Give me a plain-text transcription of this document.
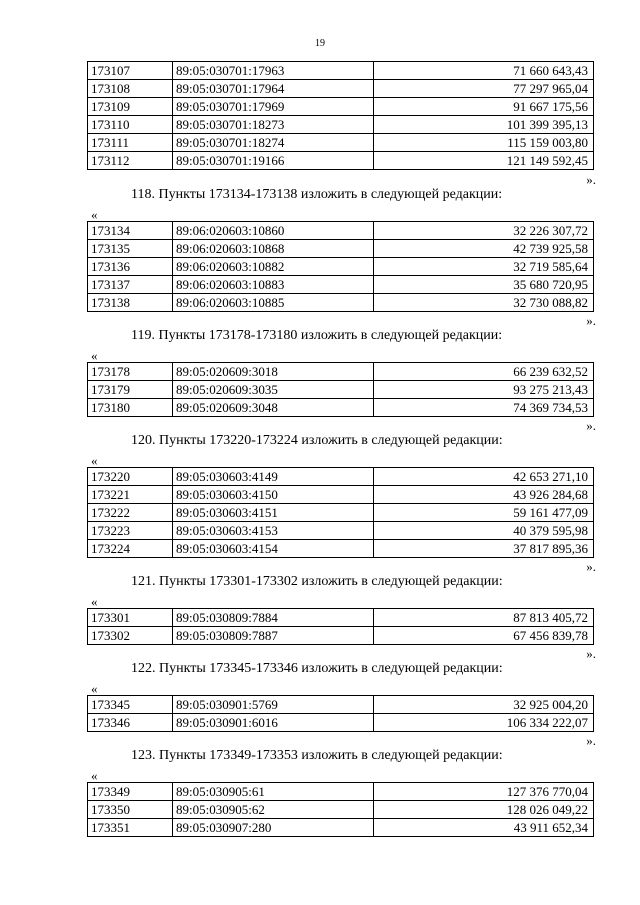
19
173107	89:05:030701:17963	71 660 643,43
173108	89:05:030701:17964	77 297 965,04
173109	89:05:030701:17969	91 667 175,56
173110	89:05:030701:18273	101 399 395,13
173111	89:05:030701:18274	115 159 003,80
173112	89:05:030701:19166	121 149 592,45
».
118. Пункты 173134-173138 изложить в следующей редакции:
«
173134	89:06:020603:10860	32 226 307,72
173135	89:06:020603:10868	42 739 925,58
173136	89:06:020603:10882	32 719 585,64
173137	89:06:020603:10883	35 680 720,95
173138	89:06:020603:10885	32 730 088,82
».
119. Пункты 173178-173180 изложить в следующей редакции:
«
173178	89:05:020609:3018	66 239 632,52
173179	89:05:020609:3035	93 275 213,43
173180	89:05:020609:3048	74 369 734,53
».
120. Пункты 173220-173224 изложить в следующей редакции:
«
173220	89:05:030603:4149	42 653 271,10
173221	89:05:030603:4150	43 926 284,68
173222	89:05:030603:4151	59 161 477,09
173223	89:05:030603:4153	40 379 595,98
173224	89:05:030603:4154	37 817 895,36
».
121. Пункты 173301-173302 изложить в следующей редакции:
«
173301	89:05:030809:7884	87 813 405,72
173302	89:05:030809:7887	67 456 839,78
».
122. Пункты 173345-173346 изложить в следующей редакции:
«
173345	89:05:030901:5769	32 925 004,20
173346	89:05:030901:6016	106 334 222,07
».
123. Пункты 173349-173353 изложить в следующей редакции:
«
173349	89:05:030905:61	127 376 770,04
173350	89:05:030905:62	128 026 049,22
173351	89:05:030907:280	43 911 652,34
